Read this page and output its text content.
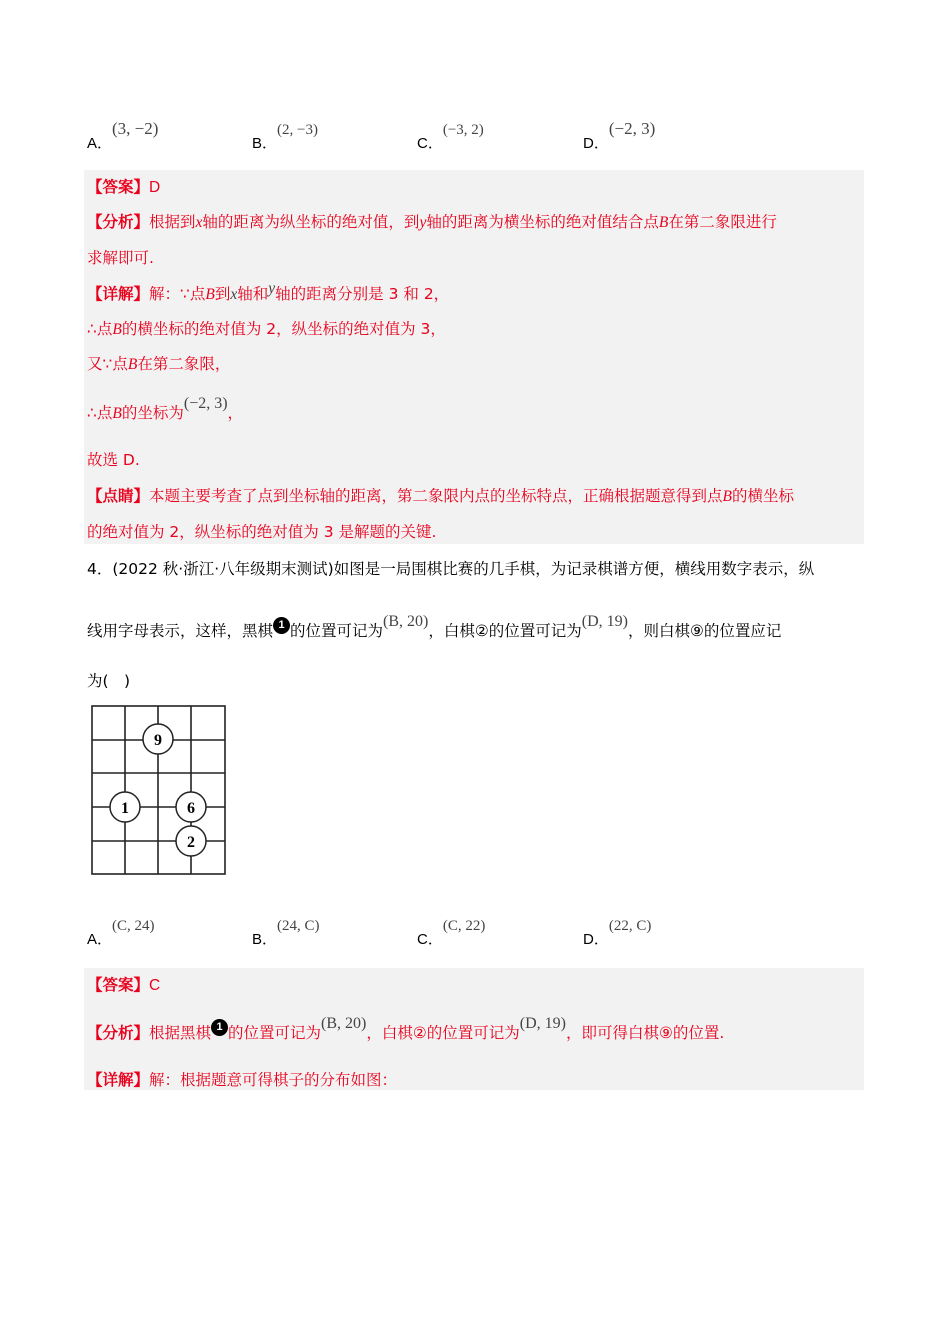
A．(3, −2)
B．(2, −3)
C．(−3, 2)
D．(−2, 3)
【答案】D
【分析】根据到x轴的距离为纵坐标的绝对值，到y轴的距离为横坐标的绝对值结合点B在第二象限进行
求解即可.
【详解】解：∵点B到x轴和y轴的距离分别是 3 和 2，
∴点B的横坐标的绝对值为 2，纵坐标的绝对值为 3，
又∵点B在第二象限，
∴点B的坐标为(−2, 3)，
故选 D.
【点睛】本题主要考查了点到坐标轴的距离，第二象限内点的坐标特点，正确根据题意得到点B的横坐标
的绝对值为 2，纵坐标的绝对值为 3 是解题的关键.
4．(2022 秋·浙江·八年级期末测试)如图是一局围棋比赛的几手棋，为记录棋谱方便，横线用数字表示，纵
线用字母表示，这样，黑棋 1 的位置可记为(B, 20)，白棋②的位置可记为(D, 19)，则白棋⑨的位置应记
为(　)
9
1	6
2
A．(C, 24)
B．(24, C)
C．(C, 22)
D．(22, C)
【答案】C
【分析】根据黑棋 1 的位置可记为(B, 20)，白棋②的位置可记为(D, 19)，即可得白棋⑨的位置.
【详解】解：根据题意可得棋子的分布如图：
